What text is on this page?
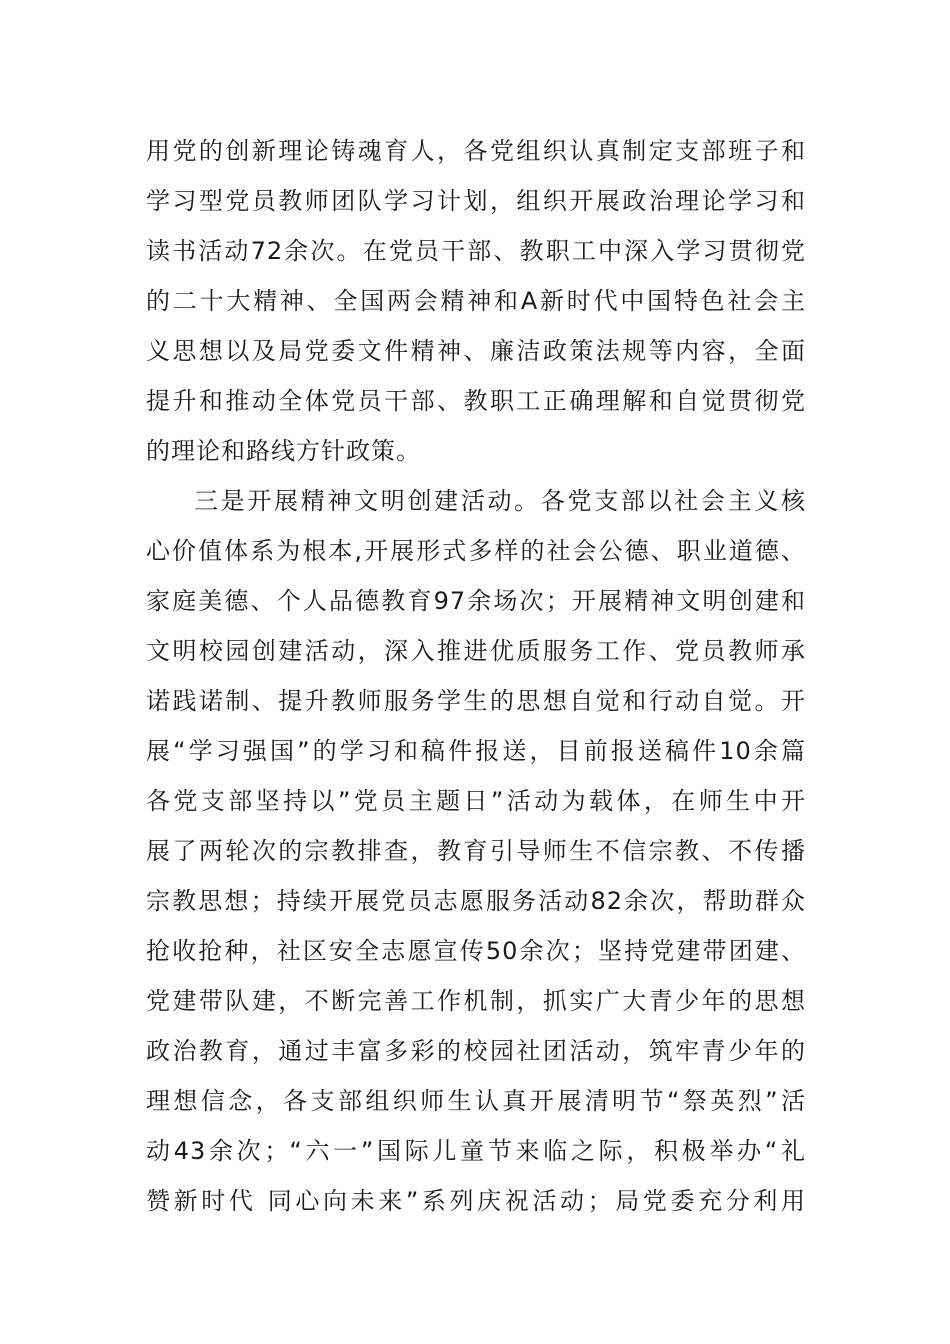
用党的创新理论铸魂育人，各党组织认真制定支部班子和
学习型党员教师团队学习计划，组织开展政治理论学习和
读书活动72余次。在党员干部、教职工中深入学习贯彻党
的二十大精神、全国两会精神和A新时代中国特色社会主
义思想以及局党委文件精神、廉洁政策法规等内容，全面
提升和推动全体党员干部、教职工正确理解和自觉贯彻党
的理论和路线方针政策。
三是开展精神文明创建活动。各党支部以社会主义核
心价值体系为根本,开展形式多样的社会公德、职业道德、
家庭美德、个人品德教育97余场次；开展精神文明创建和
文明校园创建活动，深入推进优质服务工作、党员教师承
诺践诺制、提升教师服务学生的思想自觉和行动自觉。开
展“学习强国”的学习和稿件报送，目前报送稿件10余篇
各党支部坚持以”党员主题日”活动为载体，在师生中开
展了两轮次的宗教排查，教育引导师生不信宗教、不传播
宗教思想；持续开展党员志愿服务活动82余次，帮助群众
抢收抢种，社区安全志愿宣传50余次；坚持党建带团建、
党建带队建，不断完善工作机制，抓实广大青少年的思想
政治教育，通过丰富多彩的校园社团活动，筑牢青少年的
理想信念，各支部组织师生认真开展清明节“祭英烈”活
动43余次；“六一”国际儿童节来临之际，积极举办“礼
赞新时代 同心向未来”系列庆祝活动；局党委充分利用
